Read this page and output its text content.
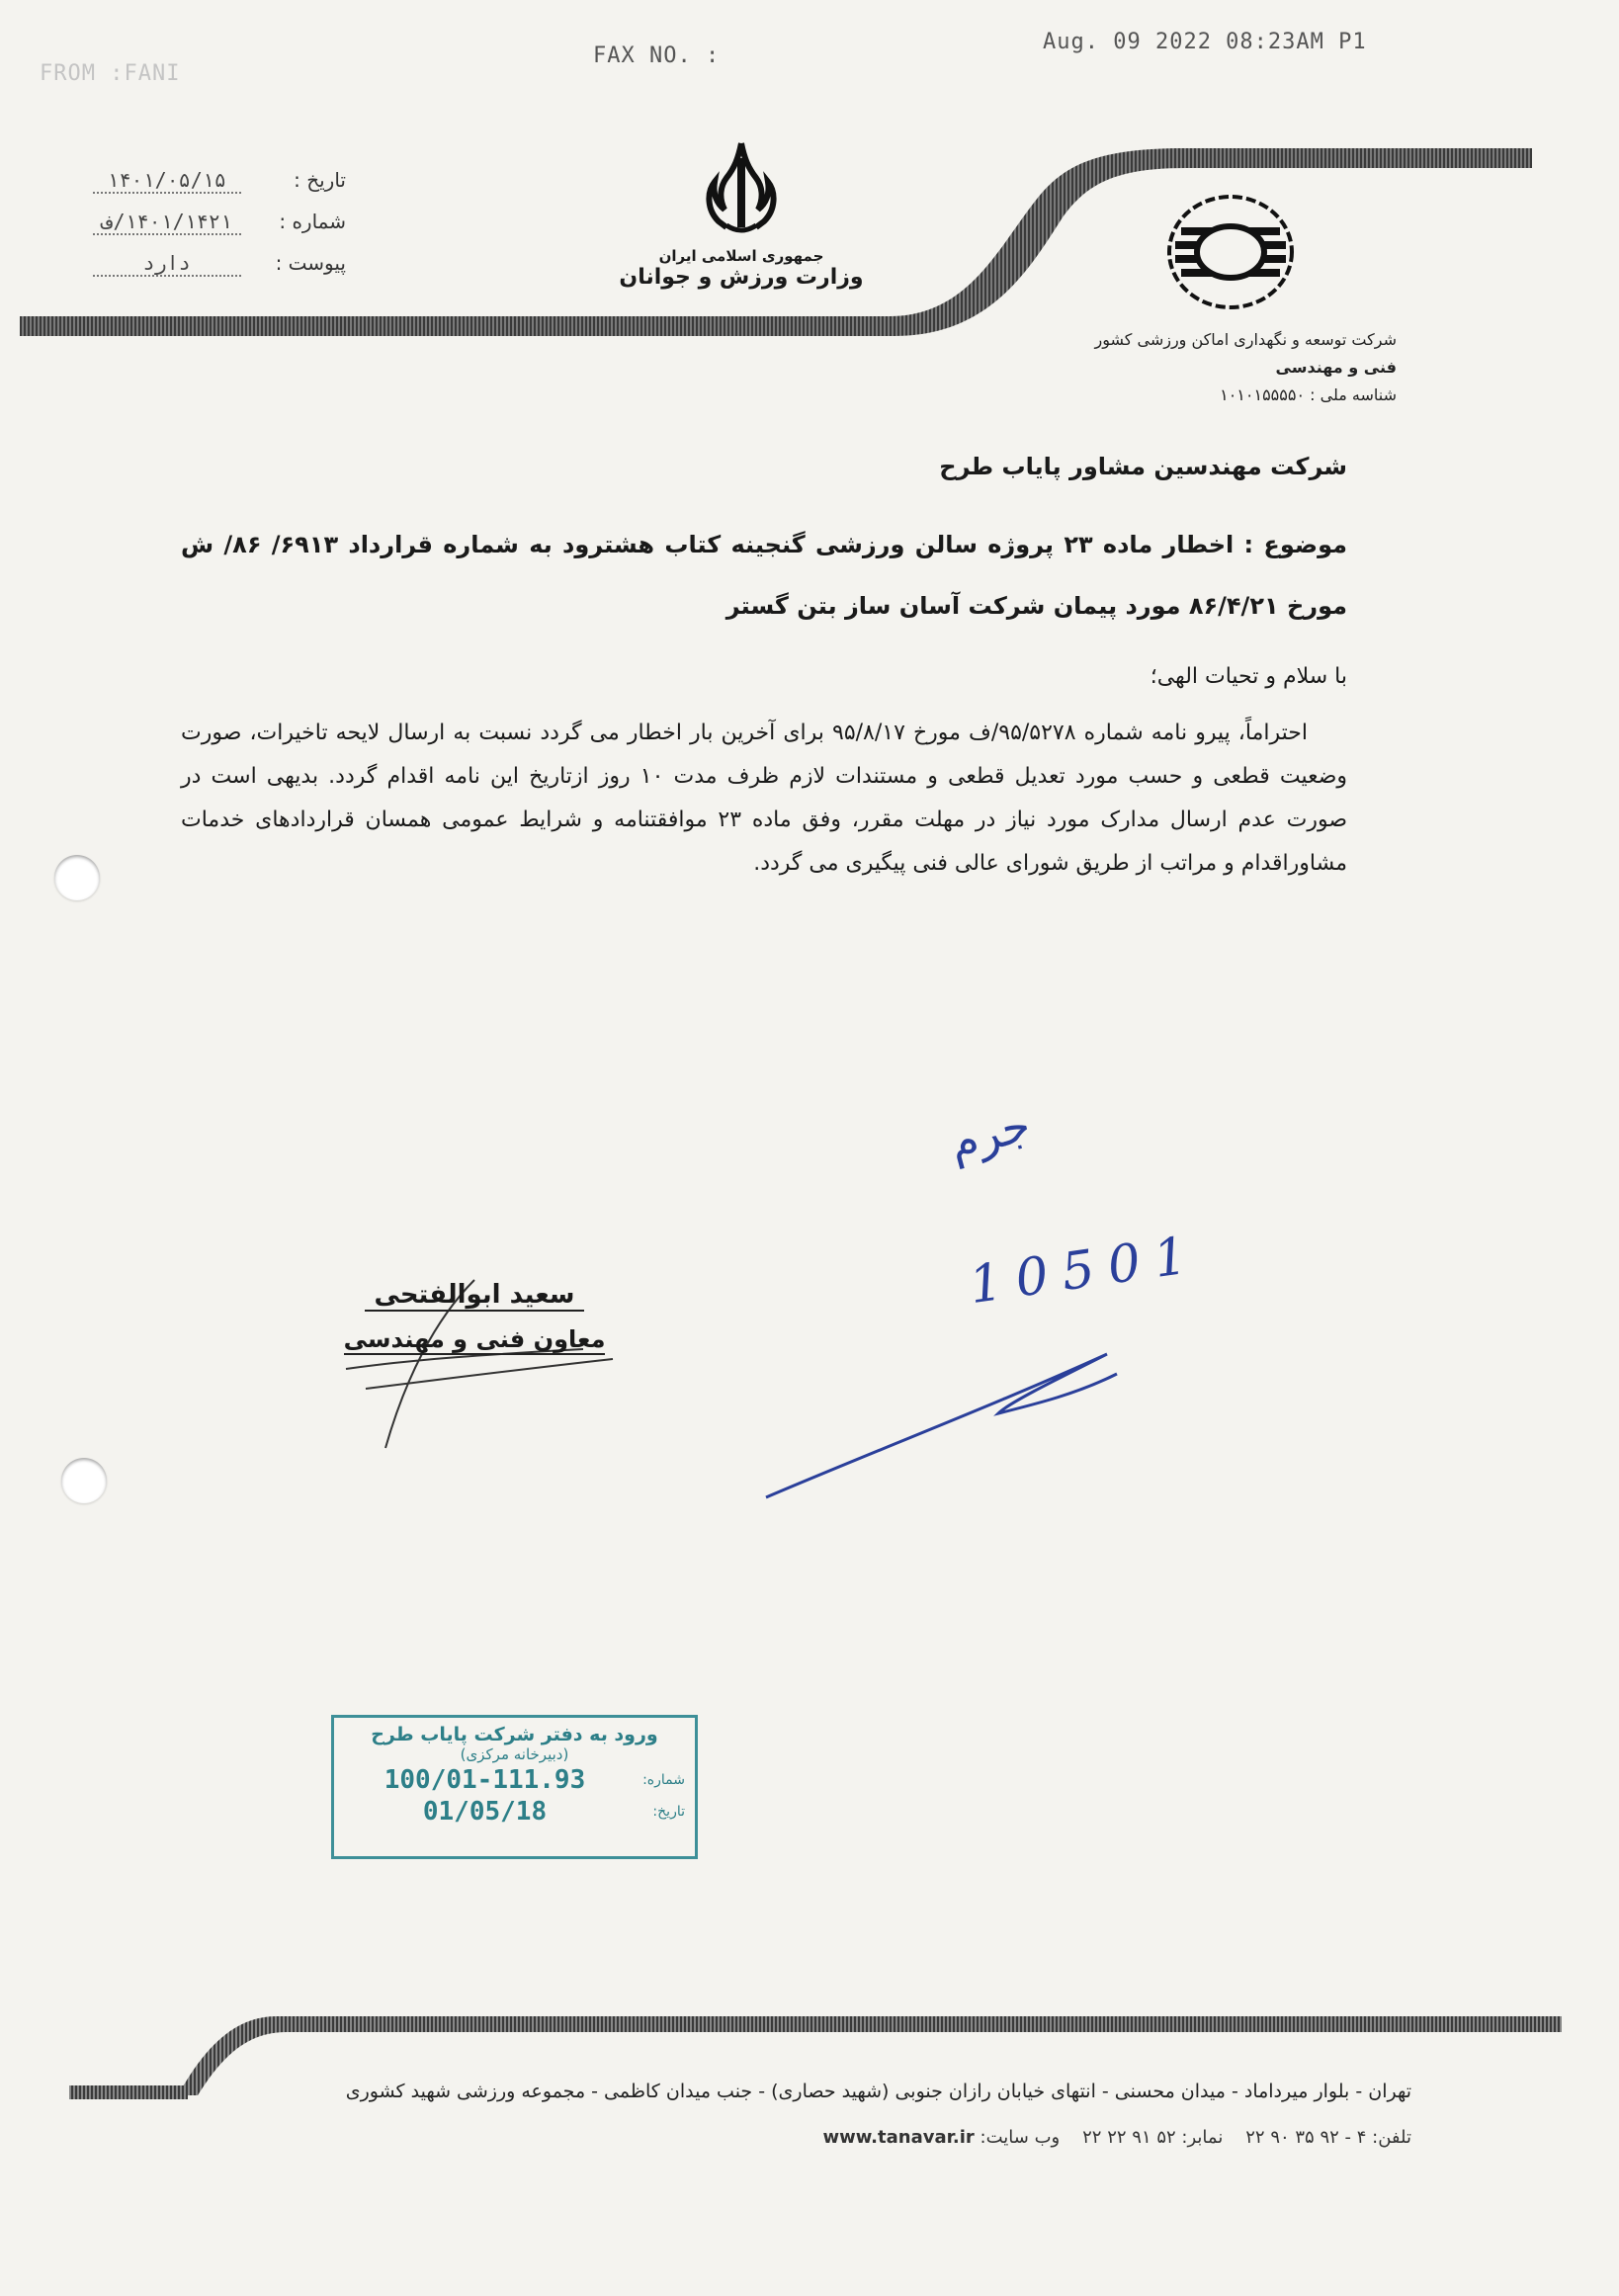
FROM :FANI
FAX NO. :
Aug. 09 2022 08:23AM P1
تاریخ : ۱۴۰۱/۰۵/۱۵
شماره : ۱۴۰۱/۱۴۲۱/ف
پیوست : دارد	جمهوری اسلامی ایران
وزارت ورزش و جوانان
شرکت توسعه و نگهداری اماکن ورزشی کشور
فنی و مهندسی
شناسه ملی : ۱۰۱۰۱۵۵۵۵۰
شرکت مهندسین مشاور پایاب طرح
موضوع : اخطار ماده ۲۳ پروژه سالن ورزشی گنجینه کتاب هشترود به شماره قرارداد ۶۹۱۳/ ۸۶/ ش مورخ ۸۶/۴/۲۱ مورد پیمان شرکت آسان ساز بتن گستر
با سلام و تحیات الهی؛
احتراماً، پیرو نامه شماره ۹۵/۵۲۷۸/ف مورخ ۹۵/۸/۱۷ برای آخرین بار اخطار می گردد نسبت به ارسال لایحه تاخیرات، صورت وضعیت قطعی و حسب مورد تعدیل قطعی و مستندات لازم ظرف مدت ۱۰ روز ازتاریخ این نامه اقدام گردد. بدیهی است در صورت عدم ارسال مدارک مورد نیاز در مهلت مقرر، وفق ماده ۲۳ موافقتنامه و شرایط عمومی همسان قراردادهای خدمات مشاوراقدام و مراتب از طریق شورای عالی فنی پیگیری می گردد.
جرم
10501
سعید ابوالفتحی
معاون فنی و مهندسی
ورود به دفتر شرکت پایاب طرح
(دبیرخانه مرکزی)
شماره:
100/01-111.93
تاریخ:
01/05/18
تهران - بلوار میرداماد - میدان محسنی - انتهای خیابان رازان جنوبی (شهید حصاری) - جنب میدان کاظمی - مجموعه ورزشی شهید کشوری
تلفن: ۴ - ۹۲ ۳۵ ۹۰ ۲۲    نمابر: ۵۲ ۹۱ ۲۲ ۲۲    وب سایت: www.tanavar.ir
